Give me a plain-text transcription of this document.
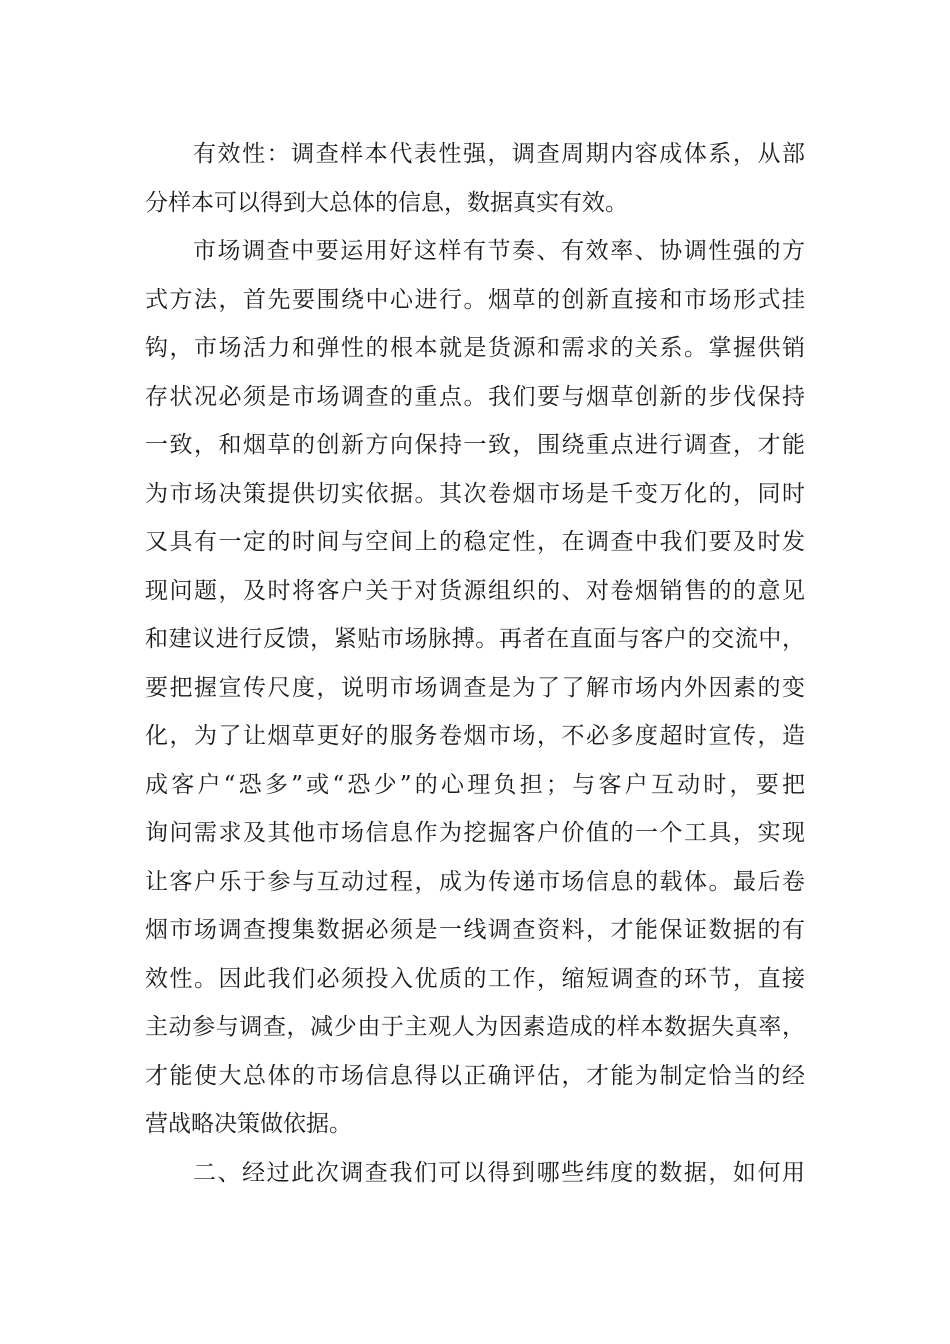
有效性：调查样本代表性强，调查周期内容成体系，从部
分样本可以得到大总体的信息，数据真实有效。
市场调查中要运用好这样有节奏、有效率、协调性强的方
式方法，首先要围绕中心进行。烟草的创新直接和市场形式挂
钩，市场活力和弹性的根本就是货源和需求的关系。掌握供销
存状况必须是市场调查的重点。我们要与烟草创新的步伐保持
一致，和烟草的创新方向保持一致，围绕重点进行调查，才能
为市场决策提供切实依据。其次卷烟市场是千变万化的，同时
又具有一定的时间与空间上的稳定性，在调查中我们要及时发
现问题，及时将客户关于对货源组织的、对卷烟销售的的意见
和建议进行反馈，紧贴市场脉搏。再者在直面与客户的交流中，
要把握宣传尺度，说明市场调查是为了了解市场内外因素的变
化，为了让烟草更好的服务卷烟市场，不必多度超时宣传，造
成客户“恐多”或“恐少”的心理负担；与客户互动时，要把
询问需求及其他市场信息作为挖掘客户价值的一个工具，实现
让客户乐于参与互动过程，成为传递市场信息的载体。最后卷
烟市场调查搜集数据必须是一线调查资料，才能保证数据的有
效性。因此我们必须投入优质的工作，缩短调查的环节，直接
主动参与调查，减少由于主观人为因素造成的样本数据失真率，
才能使大总体的市场信息得以正确评估，才能为制定恰当的经
营战略决策做依据。
二、经过此次调查我们可以得到哪些纬度的数据，如何用
